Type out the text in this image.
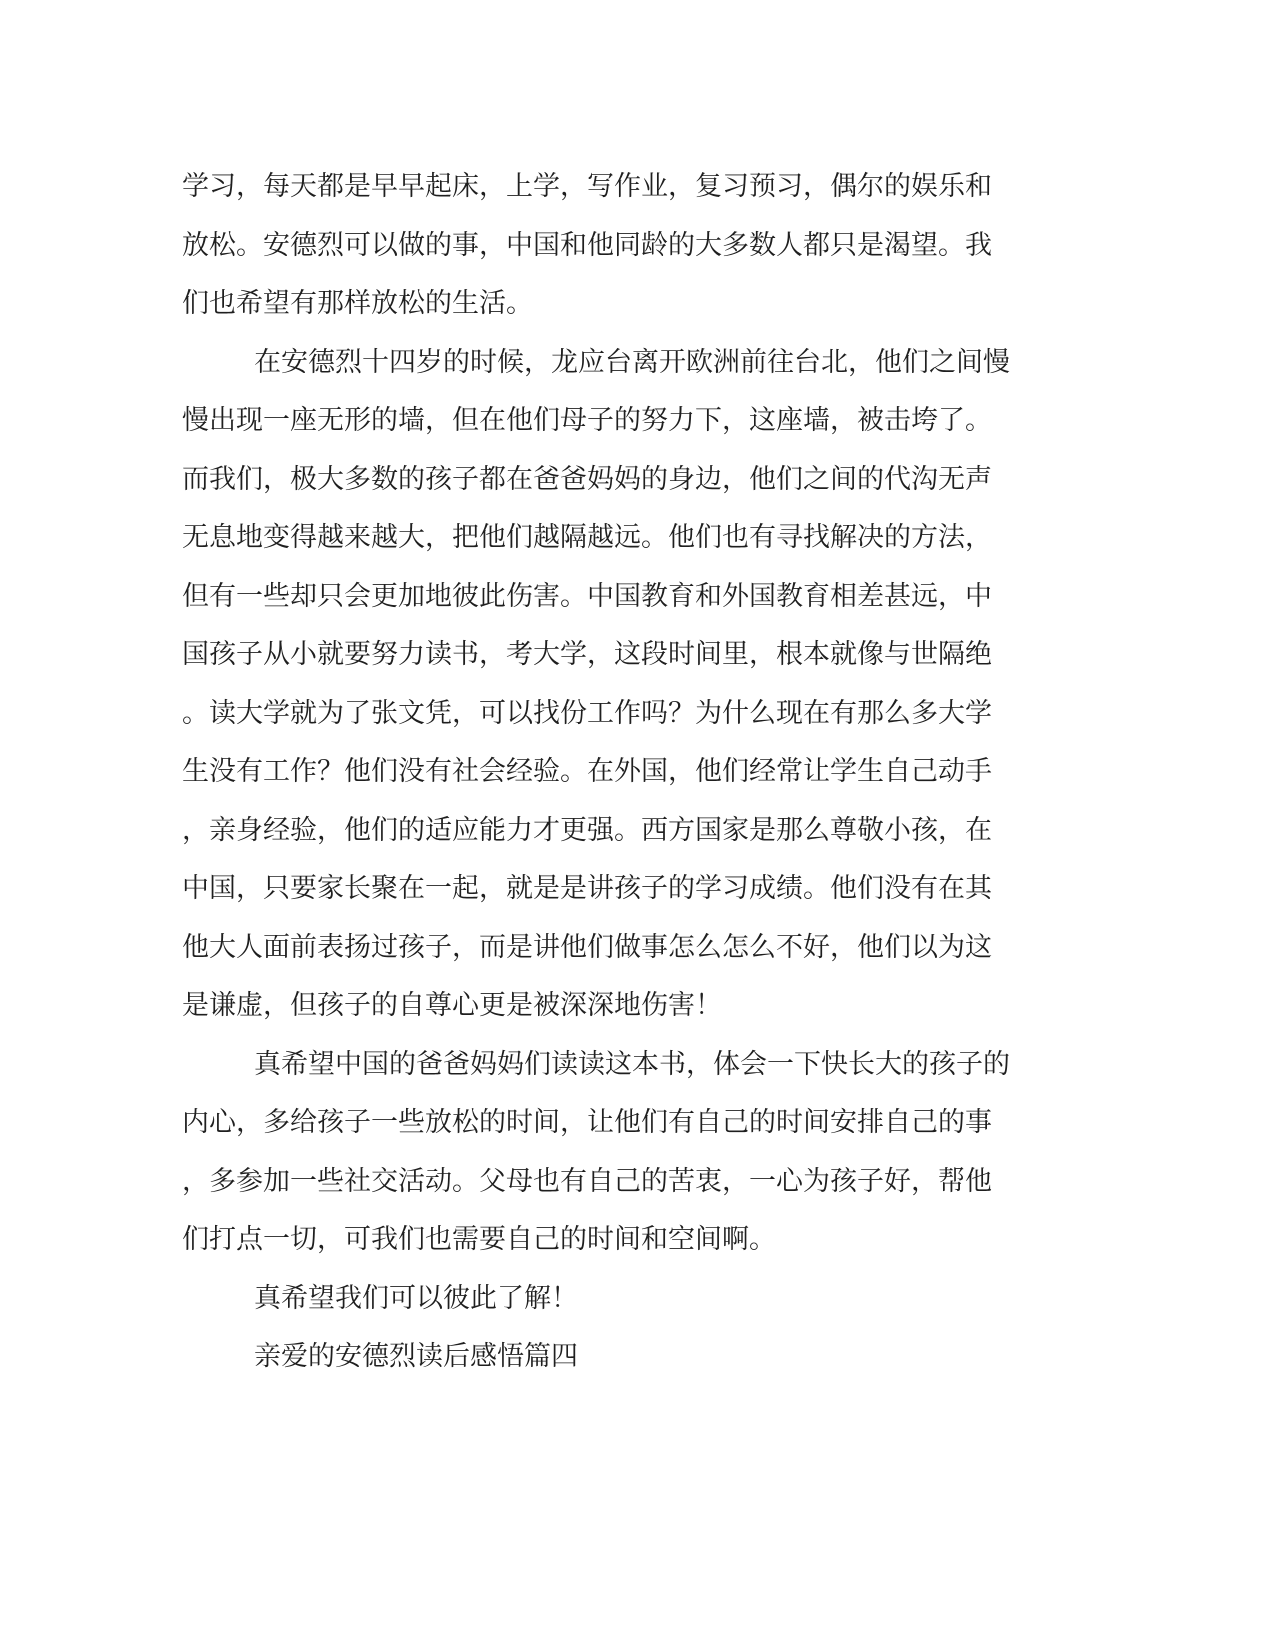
学习，每天都是早早起床，上学，写作业，复习预习，偶尔的娱乐和
放松。安德烈可以做的事，中国和他同龄的大多数人都只是渴望。我
们也希望有那样放松的生活。
在安德烈十四岁的时候，龙应台离开欧洲前往台北，他们之间慢
慢出现一座无形的墙，但在他们母子的努力下，这座墙，被击垮了。
而我们，极大多数的孩子都在爸爸妈妈的身边，他们之间的代沟无声
无息地变得越来越大，把他们越隔越远。他们也有寻找解决的方法，
但有一些却只会更加地彼此伤害。中国教育和外国教育相差甚远，中
国孩子从小就要努力读书，考大学，这段时间里，根本就像与世隔绝
。读大学就为了张文凭，可以找份工作吗？为什么现在有那么多大学
生没有工作？他们没有社会经验。在外国，他们经常让学生自己动手
，亲身经验，他们的适应能力才更强。西方国家是那么尊敬小孩，在
中国，只要家长聚在一起，就是是讲孩子的学习成绩。他们没有在其
他大人面前表扬过孩子，而是讲他们做事怎么怎么不好，他们以为这
是谦虚，但孩子的自尊心更是被深深地伤害！
真希望中国的爸爸妈妈们读读这本书，体会一下快长大的孩子的
内心，多给孩子一些放松的时间，让他们有自己的时间安排自己的事
，多参加一些社交活动。父母也有自己的苦衷，一心为孩子好，帮他
们打点一切，可我们也需要自己的时间和空间啊。
真希望我们可以彼此了解！
亲爱的安德烈读后感悟篇四
